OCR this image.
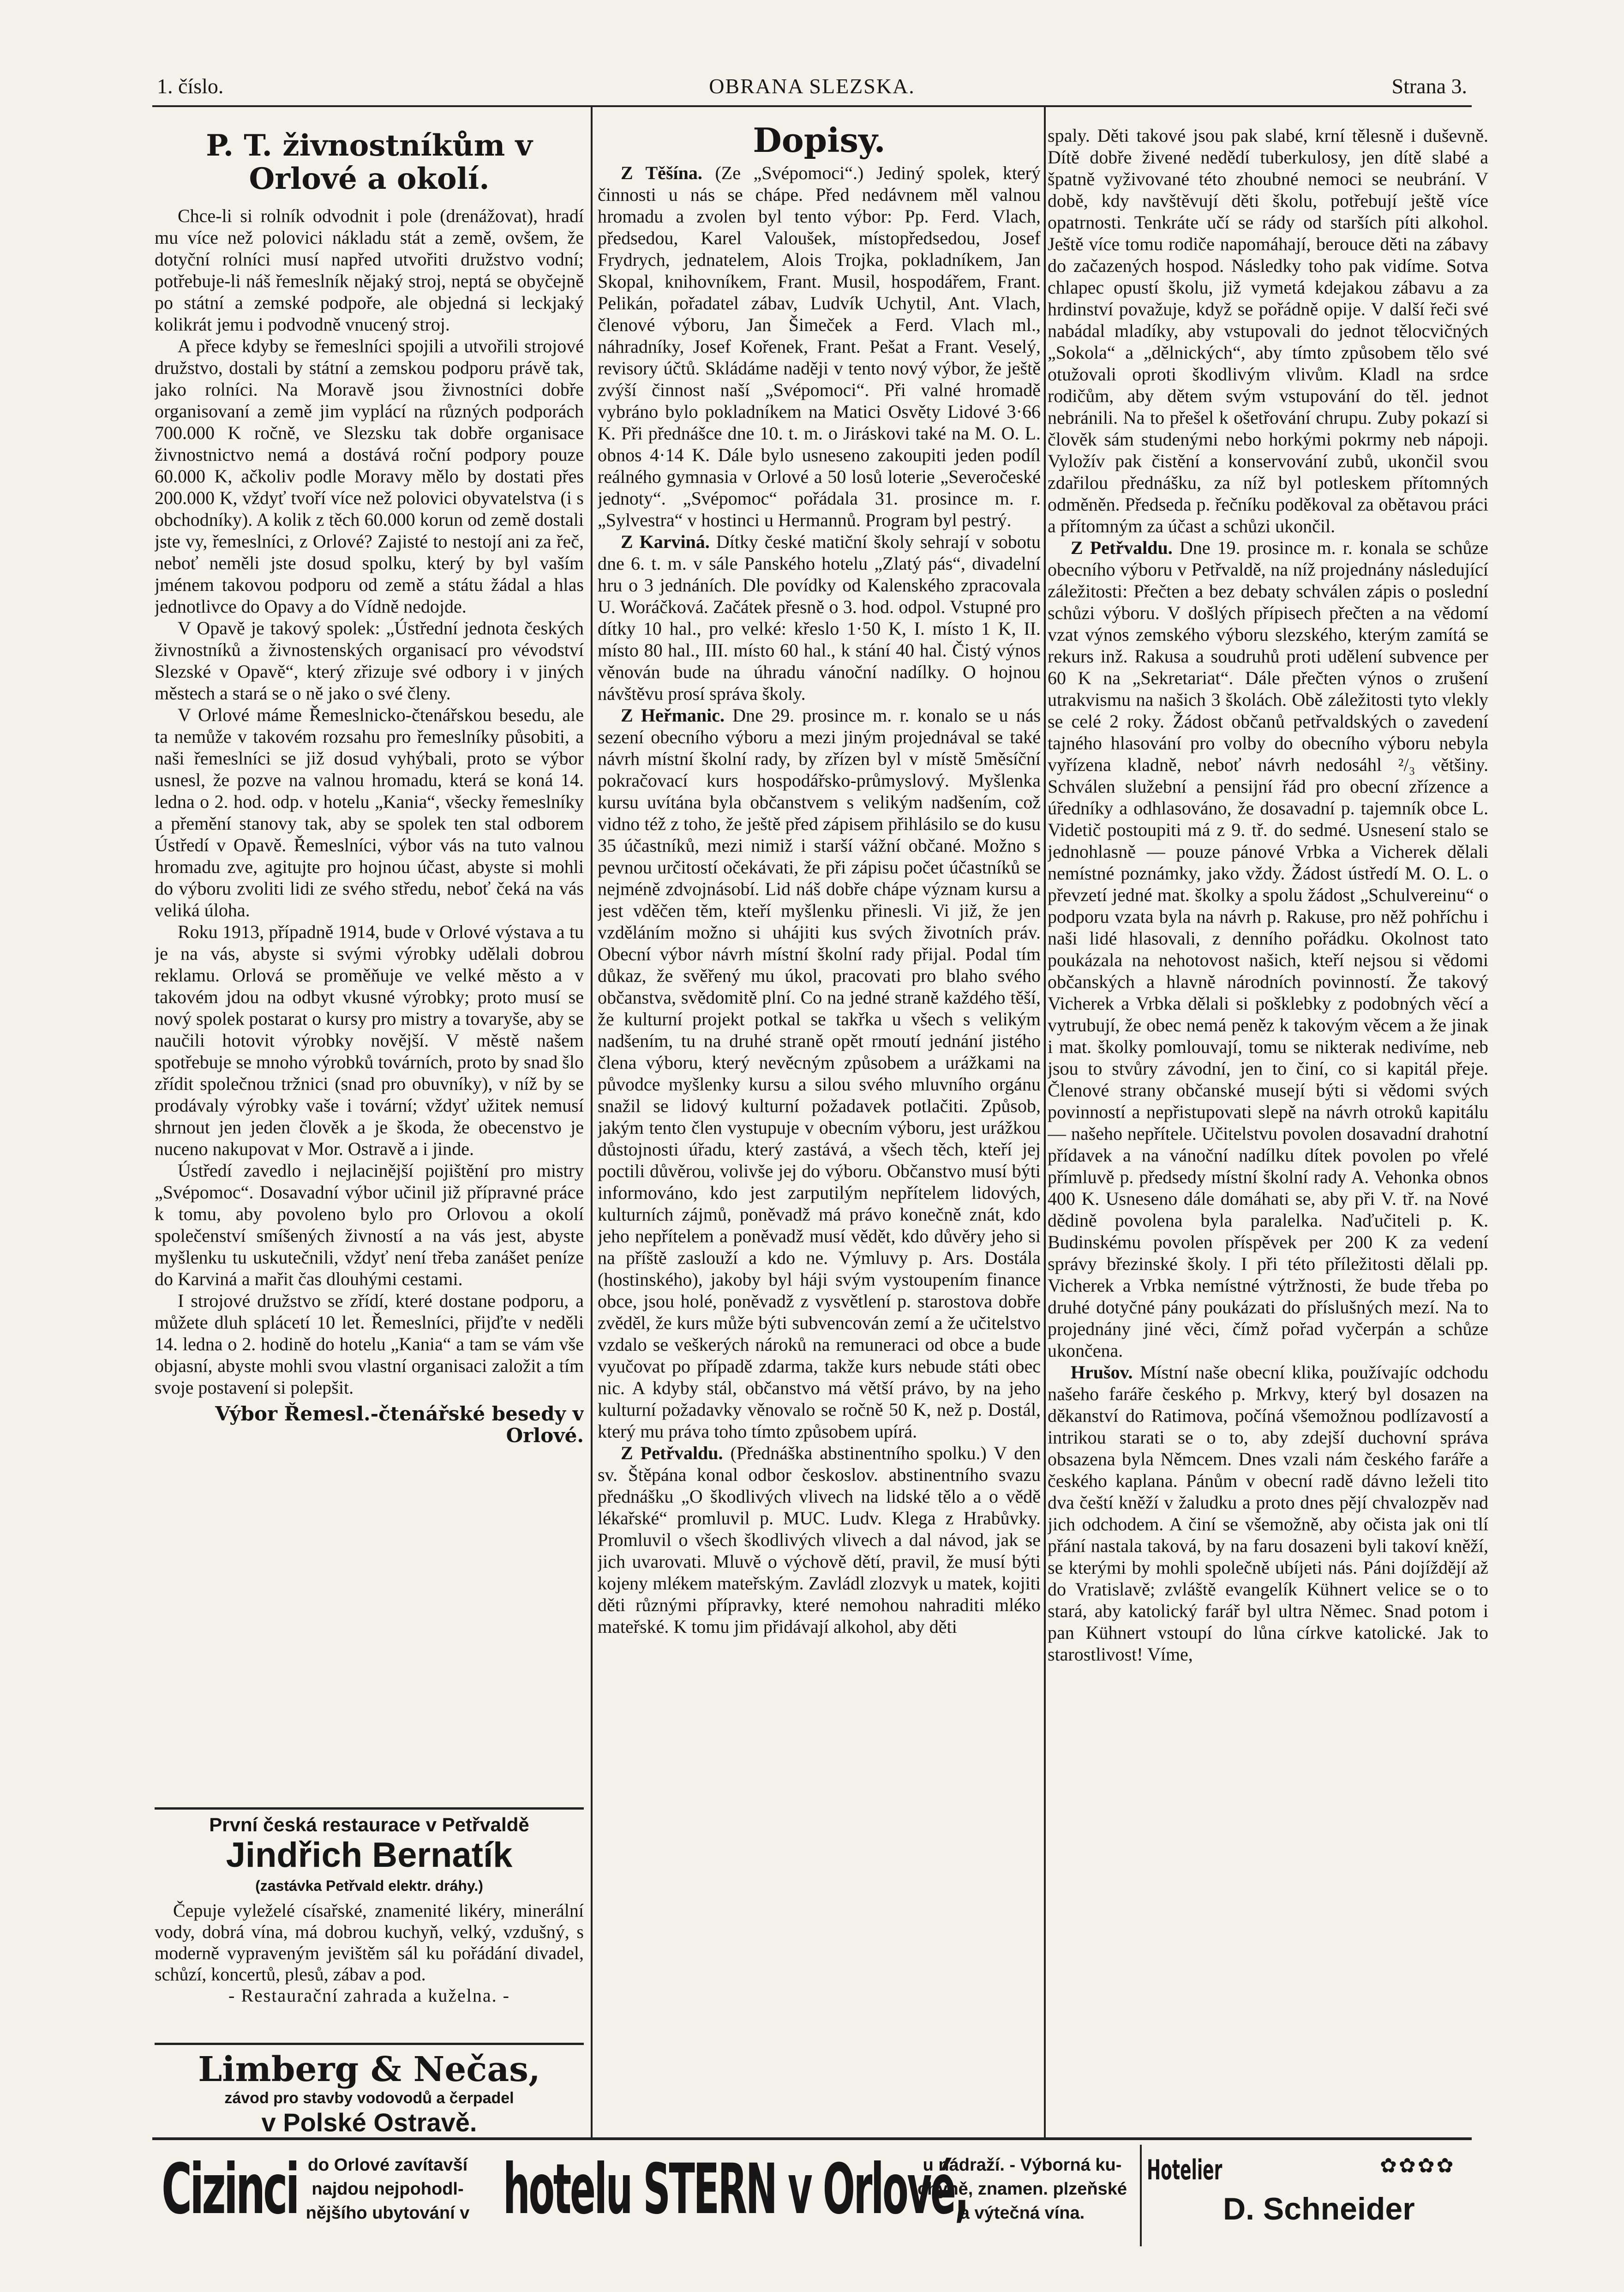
1. číslo.	OBRANA SLEZSKA.	Strana 3.
P. T. živnostníkům v Orlové a okolí.

Chce-li si rolník odvodnit i pole (drenážovat), hradí mu více než polovici nákladu stát a země, ovšem, že dotyční rolníci musí napřed utvořiti družstvo vodní; potřebuje-li náš řemeslník nějaký stroj, neptá se obyčejně po státní a zemské podpoře, ale objedná si leckjaký kolikrát jemu i podvodně vnucený stroj.

A přece kdyby se řemeslníci spojili a utvořili strojové družstvo, dostali by státní a zemskou podporu právě tak, jako rolníci. Na Moravě jsou živnostníci dobře organisovaní a země jim vyplácí na různých podporách 700.000 K ročně, ve Slezsku tak dobře organisace živnostnictvo nemá a dostává roční podpory pouze 60.000 K, ačkoliv podle Moravy mělo by dostati přes 200.000 K, vždyť tvoří více než polovici obyvatelstva (i s obchodníky). A kolik z těch 60.000 korun od země dostali jste vy, řemeslníci, z Orlové? Zajisté to nestojí ani za řeč, neboť neměli jste dosud spolku, který by byl vaším jménem takovou podporu od země a státu žádal a hlas jednotlivce do Opavy a do Vídně nedojde.

V Opavě je takový spolek: „Ústřední jednota českých živnostníků a živnostenských organisací pro vévodství Slezské v Opavě“, který zřizuje své odbory i v jiných městech a stará se o ně jako o své členy.

V Orlové máme Řemeslnicko-čtenářskou besedu, ale ta nemůže v takovém rozsahu pro řemeslníky působiti, a naši řemeslníci se již dosud vyhýbali, proto se výbor usnesl, že pozve na valnou hromadu, která se koná 14. ledna o 2. hod. odp. v hotelu „Kania“, všecky řemeslníky a přemění stanovy tak, aby se spolek ten stal odborem Ústředí v Opavě. Řemeslníci, výbor vás na tuto valnou hromadu zve, agitujte pro hojnou účast, abyste si mohli do výboru zvoliti lidi ze svého středu, neboť čeká na vás veliká úloha.

Roku 1913, případně 1914, bude v Orlové výstava a tu je na vás, abyste si svými výrobky udělali dobrou reklamu. Orlová se proměňuje ve velké město a v takovém jdou na odbyt vkusné výrobky; proto musí se nový spolek postarat o kursy pro mistry a tovaryše, aby se naučili hotovit výrobky novější. V městě našem spotřebuje se mnoho výrobků továrních, proto by snad šlo zřídit společnou tržnici (snad pro obuvníky), v níž by se prodávaly výrobky vaše i tovární; vždyť užitek nemusí shrnout jen jeden člověk a je škoda, že obecenstvo je nuceno nakupovat v Mor. Ostravě a i jinde.

Ústředí zavedlo i nejlacinější pojištění pro mistry „Svépomoc“. Dosavadní výbor učinil již přípravné práce k tomu, aby povoleno bylo pro Orlovou a okolí společenství smíšených živností a na vás jest, abyste myšlenku tu uskutečnili, vždyť není třeba zanášet peníze do Karviná a mařit čas dlouhými cestami.

I strojové družstvo se zřídí, které dostane podporu, a můžete dluh splácetí 10 let. Řemeslníci, přijďte v neděli 14. ledna o 2. hodině do hotelu „Kania“ a tam se vám vše objasní, abyste mohli svou vlastní organisaci založit a tím svoje postavení si polepšit.

Výbor Řemesl.-čtenářské besedy v Orlové.
První česká restaurace v Petřvaldě
Jindřich Bernatík
(zastávka Petřvald elektr. dráhy.)
Čepuje vyleželé císařské, znamenité likéry, minerální vody, dobrá vína, má dobrou kuchyň, velký, vzdušný, s moderně vypraveným jevištěm sál ku pořádání divadel, schůzí, koncertů, plesů, zábav a pod.
- Restaurační zahrada a kuželna. -
Limberg & Nečas,
závod pro stavby vodovodů a čerpadel
v Polské Ostravě.
Dopisy.

Z Těšína. (Ze „Svépomoci“.) Jediný spolek, který činnosti u nás se chápe. Před nedávnem měl valnou hromadu a zvolen byl tento výbor: Pp. Ferd. Vlach, předsedou, Karel Valoušek, místopředsedou, Josef Frydrych, jednatelem, Alois Trojka, pokladníkem, Jan Skopal, knihovníkem, Frant. Musil, hospodářem, Frant. Pelikán, pořadatel zábav, Ludvík Uchytil, Ant. Vlach, členové výboru, Jan Šimeček a Ferd. Vlach ml., náhradníky, Josef Kořenek, Frant. Pešat a Frant. Veselý, revisory účtů. Skládáme naději v tento nový výbor, že ještě zvýší činnost naší „Svépomoci“. Při valné hromadě vybráno bylo pokladníkem na Matici Osvěty Lidové 3·66 K. Při přednášce dne 10. t. m. o Jiráskovi také na M. O. L. obnos 4·14 K. Dále bylo usneseno zakoupiti jeden podíl reálného gymnasia v Orlové a 50 losů loterie „Severočeské jednoty“. „Svépomoc“ pořádala 31. prosince m. r. „Sylvestra“ v hostinci u Hermannů. Program byl pestrý.

Z Karviná. Dítky české matiční školy sehrají v sobotu dne 6. t. m. v sále Panského hotelu „Zlatý pás“, divadelní hru o 3 jednáních. Dle povídky od Kalenského zpracovala U. Woráčková. Začátek přesně o 3. hod. odpol. Vstupné pro dítky 10 hal., pro velké: křeslo 1·50 K, I. místo 1 K, II. místo 80 hal., III. místo 60 hal., k stání 40 hal. Čistý výnos věnován bude na úhradu vánoční nadílky. O hojnou návštěvu prosí správa školy.

Z Heřmanic. Dne 29. prosince m. r. konalo se u nás sezení obecního výboru a mezi jiným projednával se také návrh místní školní rady, by zřízen byl v místě 5měsíční pokračovací kurs hospodářsko-průmyslový. Myšlenka kursu uvítána byla občanstvem s velikým nadšením, což vidno též z toho, že ještě před zápisem přihlásilo se do kusu 35 účastníků, mezi nimiž i starší vážní občané. Možno s pevnou určitostí očekávati, že při zápisu počet účastníků se nejméně zdvojnásobí. Lid náš dobře chápe význam kursu a jest vděčen těm, kteří myšlenku přinesli. Vi již, že jen vzděláním možno si uhájiti kus svých životních práv. Obecní výbor návrh místní školní rady přijal. Podal tím důkaz, že svěřený mu úkol, pracovati pro blaho svého občanstva, svědomitě plní. Co na jedné straně každého těší, že kulturní projekt potkal se takřka u všech s velikým nadšením, tu na druhé straně opět rmoutí jednání jistého člena výboru, který nevěcným způsobem a urážkami na původce myšlenky kursu a silou svého mluvního orgánu snažil se lidový kulturní požadavek potlačiti. Způsob, jakým tento člen vystupuje v obecním výboru, jest urážkou důstojnosti úřadu, který zastává, a všech těch, kteří jej poctili důvěrou, volivše jej do výboru. Občanstvo musí býti informováno, kdo jest zarputilým nepřítelem lidových, kulturních zájmů, poněvadž má právo konečně znát, kdo jeho nepřítelem a poněvadž musí vědět, kdo důvěry jeho si na příště zaslouží a kdo ne. Výmluvy p. Ars. Dostála (hostinského), jakoby byl háji svým vystoupením finance obce, jsou holé, poněvadž z vysvětlení p. starostova dobře zvěděl, že kurs může býti subvencován zemí a že učitelstvo vzdalo se veškerých nároků na remuneraci od obce a bude vyučovat po případě zdarma, takže kurs nebude státi obec nic. A kdyby stál, občanstvo má větší právo, by na jeho kulturní požadavky věnovalo se ročně 50 K, než p. Dostál, který mu práva toho tímto způsobem upírá.

Z Petřvaldu. (Přednáška abstinentního spolku.) V den sv. Štěpána konal odbor českoslov. abstinentního svazu přednášku „O škodlivých vlivech na lidské tělo a o vědě lékařské“ promluvil p. MUC. Ludv. Klega z Hrabůvky. Promluvil o všech škodlivých vlivech a dal návod, jak se jich uvarovati. Mluvě o výchově dětí, pravil, že musí býti kojeny mlékem mateřským. Zavládl zlozvyk u matek, kojiti děti různými přípravky, které nemohou nahraditi mléko mateřské. K tomu jim přidávají alkohol, aby děti

spaly. Děti takové jsou pak slabé, krní tělesně i duševně. Dítě dobře živené nedědí tuberkulosy, jen dítě slabé a špatně vyživované této zhoubné nemoci se neubrání. V době, kdy navštěvují děti školu, potřebují ještě více opatrnosti. Tenkráte učí se rády od starších píti alkohol. Ještě více tomu rodiče napomáhají, berouce děti na zábavy do začazených hospod. Následky toho pak vidíme. Sotva chlapec opustí školu, již vymetá kdejakou zábavu a za hrdinství považuje, když se pořádně opije. V další řeči své nabádal mladíky, aby vstupovali do jednot tělocvičných „Sokola“ a „dělnických“, aby tímto způsobem tělo své otužovali oproti škodlivým vlivům. Kladl na srdce rodičům, aby dětem svým vstupování do těl. jednot nebránili. Na to přešel k ošetřování chrupu. Zuby pokazí si člověk sám studenými nebo horkými pokrmy neb nápoji. Vyložív pak čistění a konservování zubů, ukončil svou zdařilou přednášku, za níž byl potleskem přítomných odměněn. Předseda p. řečníku poděkoval za obětavou práci a přítomným za účast a schůzi ukončil.

Z Petřvaldu. Dne 19. prosince m. r. konala se schůze obecního výboru v Petřvaldě, na níž projednány následující záležitosti: Přečten a bez debaty schválen zápis o poslední schůzi výboru. V došlých přípisech přečten a na vědomí vzat výnos zemského výboru slezského, kterým zamítá se rekurs inž. Rakusa a soudruhů proti udělení subvence per 60 K na „Sekretariat“. Dále přečten výnos o zrušení utrakvismu na našich 3 školách. Obě záležitosti tyto vlekly se celé 2 roky. Žádost občanů petřvaldských o zavedení tajného hlasování pro volby do obecního výboru nebyla vyřízena kladně, neboť návrh nedosáhl ²/₃ většiny. Schválen služební a pensijní řád pro obecní zřízence a úředníky a odhlasováno, že dosavadní p. tajemník obce L. Videtič postoupiti má z 9. tř. do sedmé. Usnesení stalo se jednohlasně — pouze pánové Vrbka a Vicherek dělali nemístné poznámky, jako vždy. Žádost ústředí M. O. L. o převzetí jedné mat. školky a spolu žádost „Schulvereinu“ o podporu vzata byla na návrh p. Rakuse, pro něž pohříchu i naši lidé hlasovali, z denního pořádku. Okolnost tato poukázala na nehotovost našich, kteří nejsou si vědomi občanských a hlavně národních povinností. Že takový Vicherek a Vrbka dělali si pošklebky z podobných věcí a vytrubují, že obec nemá peněz k takovým věcem a že jinak i mat. školky pomlouvají, tomu se nikterak nedivíme, neb jsou to stvůry závodní, jen to činí, co si kapitál přeje. Členové strany občanské musejí býti si vědomi svých povinností a nepřistupovati slepě na návrh otroků kapitálu — našeho nepřítele. Učitelstvu povolen dosavadní drahotní přídavek a na vánoční nadílku dítek povolen po vřelé přímluvě p. předsedy místní školní rady A. Vehonka obnos 400 K. Usneseno dále domáhati se, aby při V. tř. na Nové dědině povolena byla paralelka. Naďučiteli p. K. Budinskému povolen příspěvek per 200 K za vedení správy březinské školy. I při této příležitosti dělali pp. Vicherek a Vrbka nemístné výtržnosti, že bude třeba po druhé dotyčné pány poukázati do příslušných mezí. Na to projednány jiné věci, čímž pořad vyčerpán a schůze ukončena.

Hrušov. Místní naše obecní klika, používajíc odchodu našeho faráře českého p. Mrkvy, který byl dosazen na děkanství do Ratimova, počíná všemožnou podlízavostí a intrikou starati se o to, aby zdejší duchovní správa obsazena byla Němcem. Dnes vzali nám českého faráře a českého kaplana. Pánům v obecní radě dávno leželi tito dva čeští kněží v žaludku a proto dnes pějí chvalozpěv nad jich odchodem. A činí se všemožně, aby očista jak oni tlí přání nastala taková, by na faru dosazeni byli takoví kněží, se kterými by mohli společně ubíjeti nás. Páni dojíždějí až do Vratislavě; zvláště evangelík Kühnert velice se o to stará, aby katolický farář byl ultra Němec. Snad potom i pan Kühnert vstoupí do lůna církve katolické. Jak to starostlivost! Víme,

Cizinci do Orlové zavítavší
najdou nejpohodl-
nějšího ubytování v hotelu STERN v Orlové,
u nádraží. - Výborná ku-
chyně, znamen. plzeňské
a výtečná vína.
Hotelier	✿✿✿✿
D. Schneider
